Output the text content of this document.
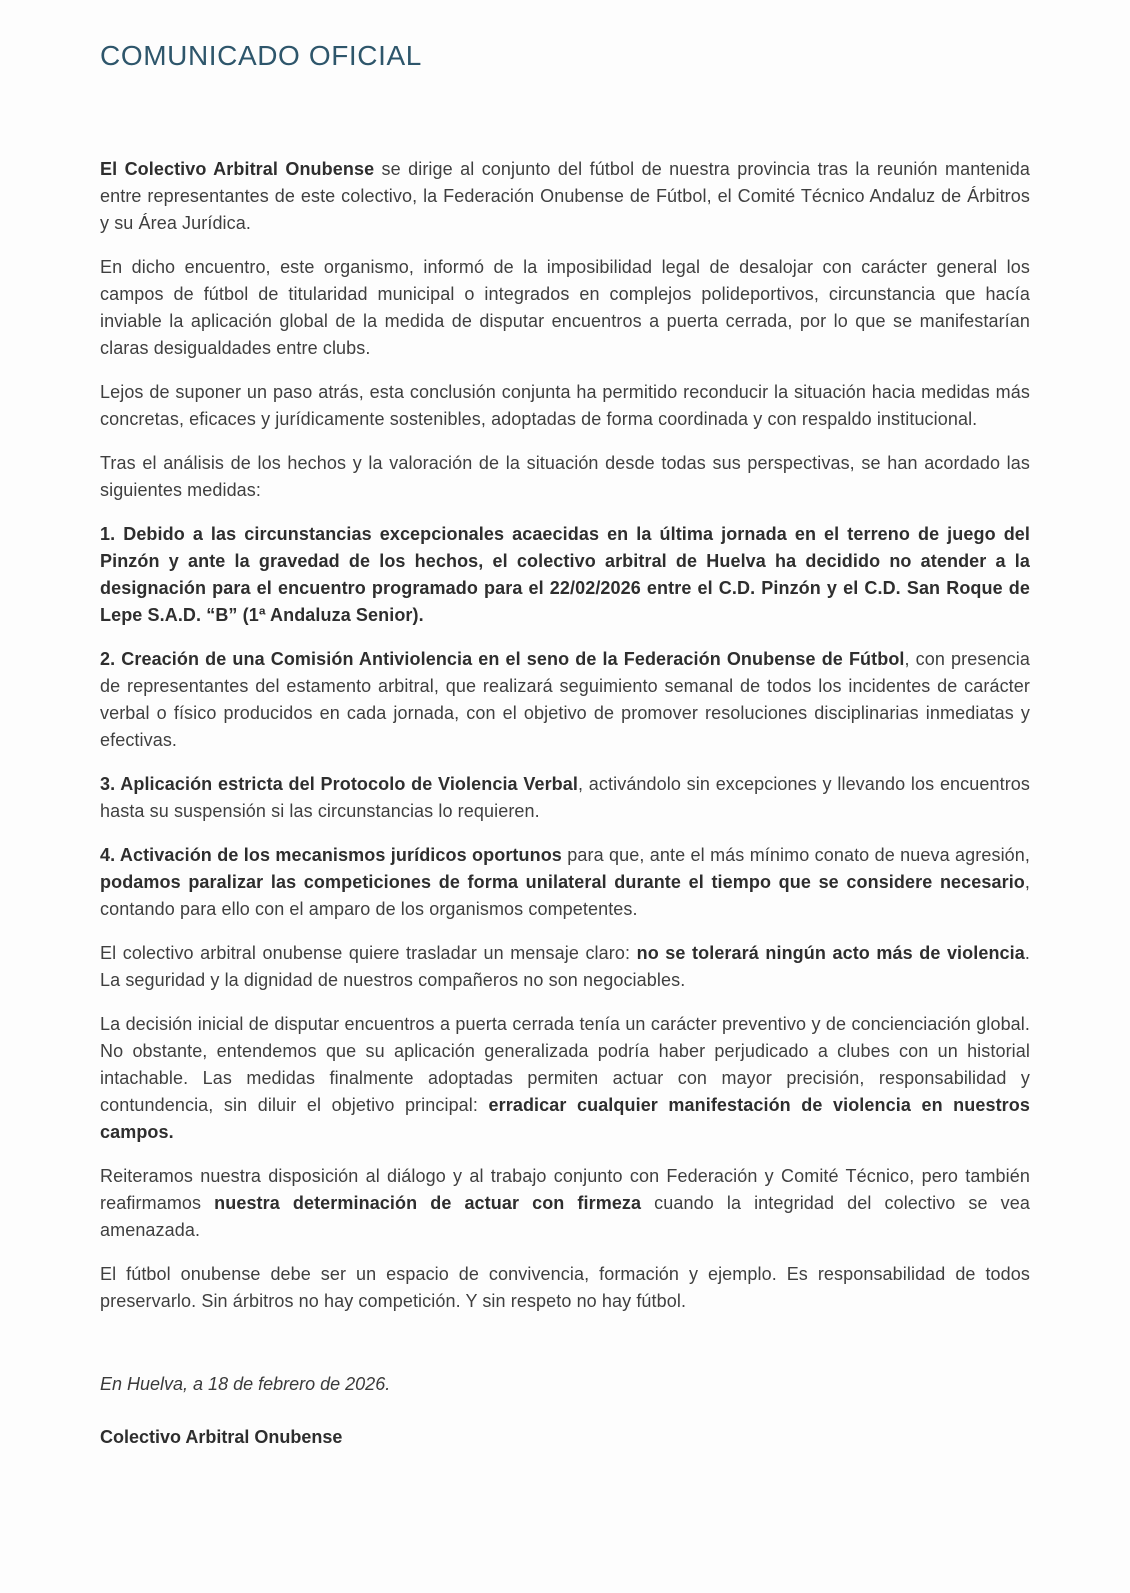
COMUNICADO OFICIAL

El Colectivo Arbitral Onubense se dirige al conjunto del fútbol de nuestra provincia tras la reunión mantenida entre representantes de este colectivo, la Federación Onubense de Fútbol, el Comité Técnico Andaluz de Árbitros y su Área Jurídica.

En dicho encuentro, este organismo, informó de la imposibilidad legal de desalojar con carácter general los campos de fútbol de titularidad municipal o integrados en complejos polideportivos, circunstancia que hacía inviable la aplicación global de la medida de disputar encuentros a puerta cerrada, por lo que se manifestarían claras desigualdades entre clubs.

Lejos de suponer un paso atrás, esta conclusión conjunta ha permitido reconducir la situación hacia medidas más concretas, eficaces y jurídicamente sostenibles, adoptadas de forma coordinada y con respaldo institucional.

Tras el análisis de los hechos y la valoración de la situación desde todas sus perspectivas, se han acordado las siguientes medidas:

1. Debido a las circunstancias excepcionales acaecidas en la última jornada en el terreno de juego del Pinzón y ante la gravedad de los hechos, el colectivo arbitral de Huelva ha decidido no atender a la designación para el encuentro programado para el 22/02/2026 entre el C.D. Pinzón y el C.D. San Roque de Lepe S.A.D. “B” (1ª Andaluza Senior).

2. Creación de una Comisión Antiviolencia en el seno de la Federación Onubense de Fútbol, con presencia de representantes del estamento arbitral, que realizará seguimiento semanal de todos los incidentes de carácter verbal o físico producidos en cada jornada, con el objetivo de promover resoluciones disciplinarias inmediatas y efectivas.

3. Aplicación estricta del Protocolo de Violencia Verbal, activándolo sin excepciones y llevando los encuentros hasta su suspensión si las circunstancias lo requieren.

4. Activación de los mecanismos jurídicos oportunos para que, ante el más mínimo conato de nueva agresión, podamos paralizar las competiciones de forma unilateral durante el tiempo que se considere necesario, contando para ello con el amparo de los organismos competentes.

El colectivo arbitral onubense quiere trasladar un mensaje claro: no se tolerará ningún acto más de violencia. La seguridad y la dignidad de nuestros compañeros no son negociables.

La decisión inicial de disputar encuentros a puerta cerrada tenía un carácter preventivo y de concienciación global. No obstante, entendemos que su aplicación generalizada podría haber perjudicado a clubes con un historial intachable. Las medidas finalmente adoptadas permiten actuar con mayor precisión, responsabilidad y contundencia, sin diluir el objetivo principal: erradicar cualquier manifestación de violencia en nuestros campos.

Reiteramos nuestra disposición al diálogo y al trabajo conjunto con Federación y Comité Técnico, pero también reafirmamos nuestra determinación de actuar con firmeza cuando la integridad del colectivo se vea amenazada.

El fútbol onubense debe ser un espacio de convivencia, formación y ejemplo. Es responsabilidad de todos preservarlo. Sin árbitros no hay competición. Y sin respeto no hay fútbol.

En Huelva, a 18 de febrero de 2026.

Colectivo Arbitral Onubense
